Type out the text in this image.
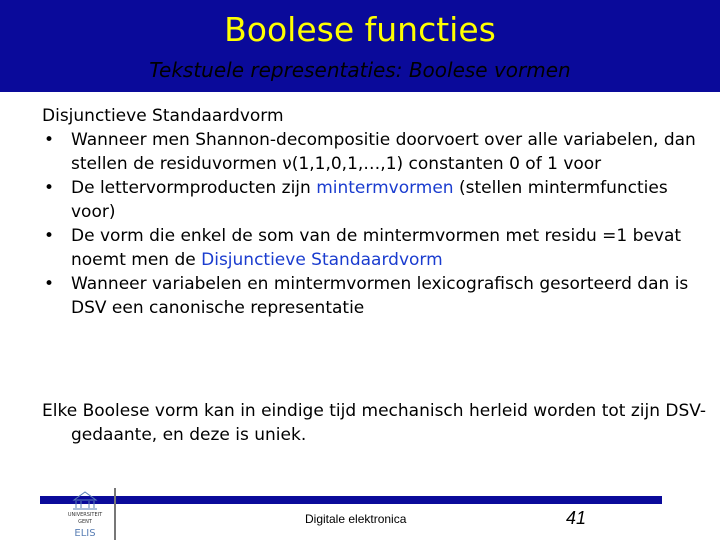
Boolese functies
Tekstuele representaties: Boolese vormen
Disjunctieve Standaardvorm
• Wanneer men Shannon-decompositie doorvoert over alle variabelen, dan stellen de residuvormen ν(1,1,0,1,…,1) constanten 0 of 1 voor
• De lettervormproducten zijn mintermvormen (stellen mintermfuncties voor)
• De vorm die enkel de som van de mintermvormen met residu =1 bevat noemt men de Disjunctieve Standaardvorm
• Wanneer variabelen en mintermvormen lexicografisch gesorteerd dan is DSV een canonische representatie
Elke Boolese vorm kan in eindige tijd mechanisch herleid worden tot zijn DSV-gedaante, en deze is uniek.
UNIVERSITEIT
GENT
ELIS
Digitale elektronica	41
